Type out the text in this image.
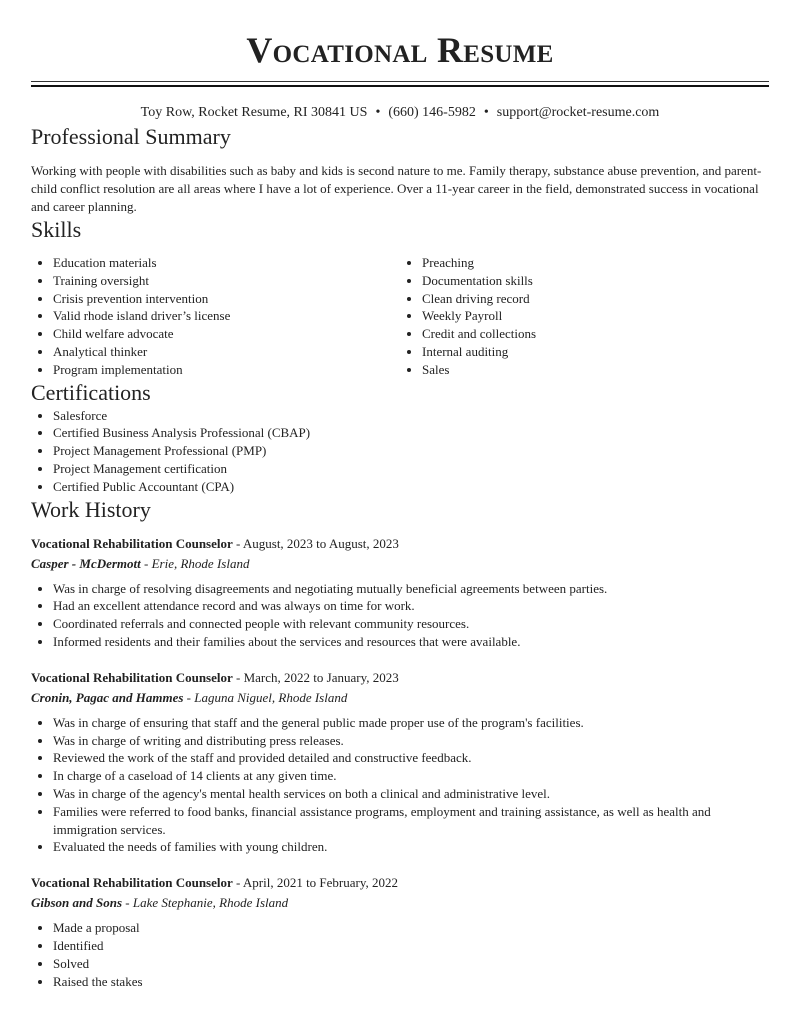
Vocational Resume
Toy Row, Rocket Resume, RI 30841 US • (660) 146-5982 • support@rocket-resume.com
Professional Summary

Working with people with disabilities such as baby and kids is second nature to me. Family therapy, substance abuse prevention, and parent-child conflict resolution are all areas where I have a lot of experience. Over a 11-year career in the field, demonstrated success in vocational and career planning.

Skills
• Education materials
• Training oversight
• Crisis prevention intervention
• Valid rhode island driver’s license
• Child welfare advocate
• Analytical thinker
• Program implementation
• Preaching
• Documentation skills
• Clean driving record
• Weekly Payroll
• Credit and collections
• Internal auditing
• Sales
Certifications
• Salesforce
• Certified Business Analysis Professional (CBAP)
• Project Management Professional (PMP)
• Project Management certification
• Certified Public Accountant (CPA)
Work History
Vocational Rehabilitation Counselor - August, 2023 to August, 2023
Casper - McDermott - Erie, Rhode Island
• Was in charge of resolving disagreements and negotiating mutually beneficial agreements between parties.
• Had an excellent attendance record and was always on time for work.
• Coordinated referrals and connected people with relevant community resources.
• Informed residents and their families about the services and resources that were available.
Vocational Rehabilitation Counselor - March, 2022 to January, 2023
Cronin, Pagac and Hammes - Laguna Niguel, Rhode Island
• Was in charge of ensuring that staff and the general public made proper use of the program's facilities.
• Was in charge of writing and distributing press releases.
• Reviewed the work of the staff and provided detailed and constructive feedback.
• In charge of a caseload of 14 clients at any given time.
• Was in charge of the agency's mental health services on both a clinical and administrative level.
• Families were referred to food banks, financial assistance programs, employment and training assistance, as well as health and immigration services.
• Evaluated the needs of families with young children.
Vocational Rehabilitation Counselor - April, 2021 to February, 2022
Gibson and Sons - Lake Stephanie, Rhode Island
• Made a proposal
• Identified
• Solved
• Raised the stakes
